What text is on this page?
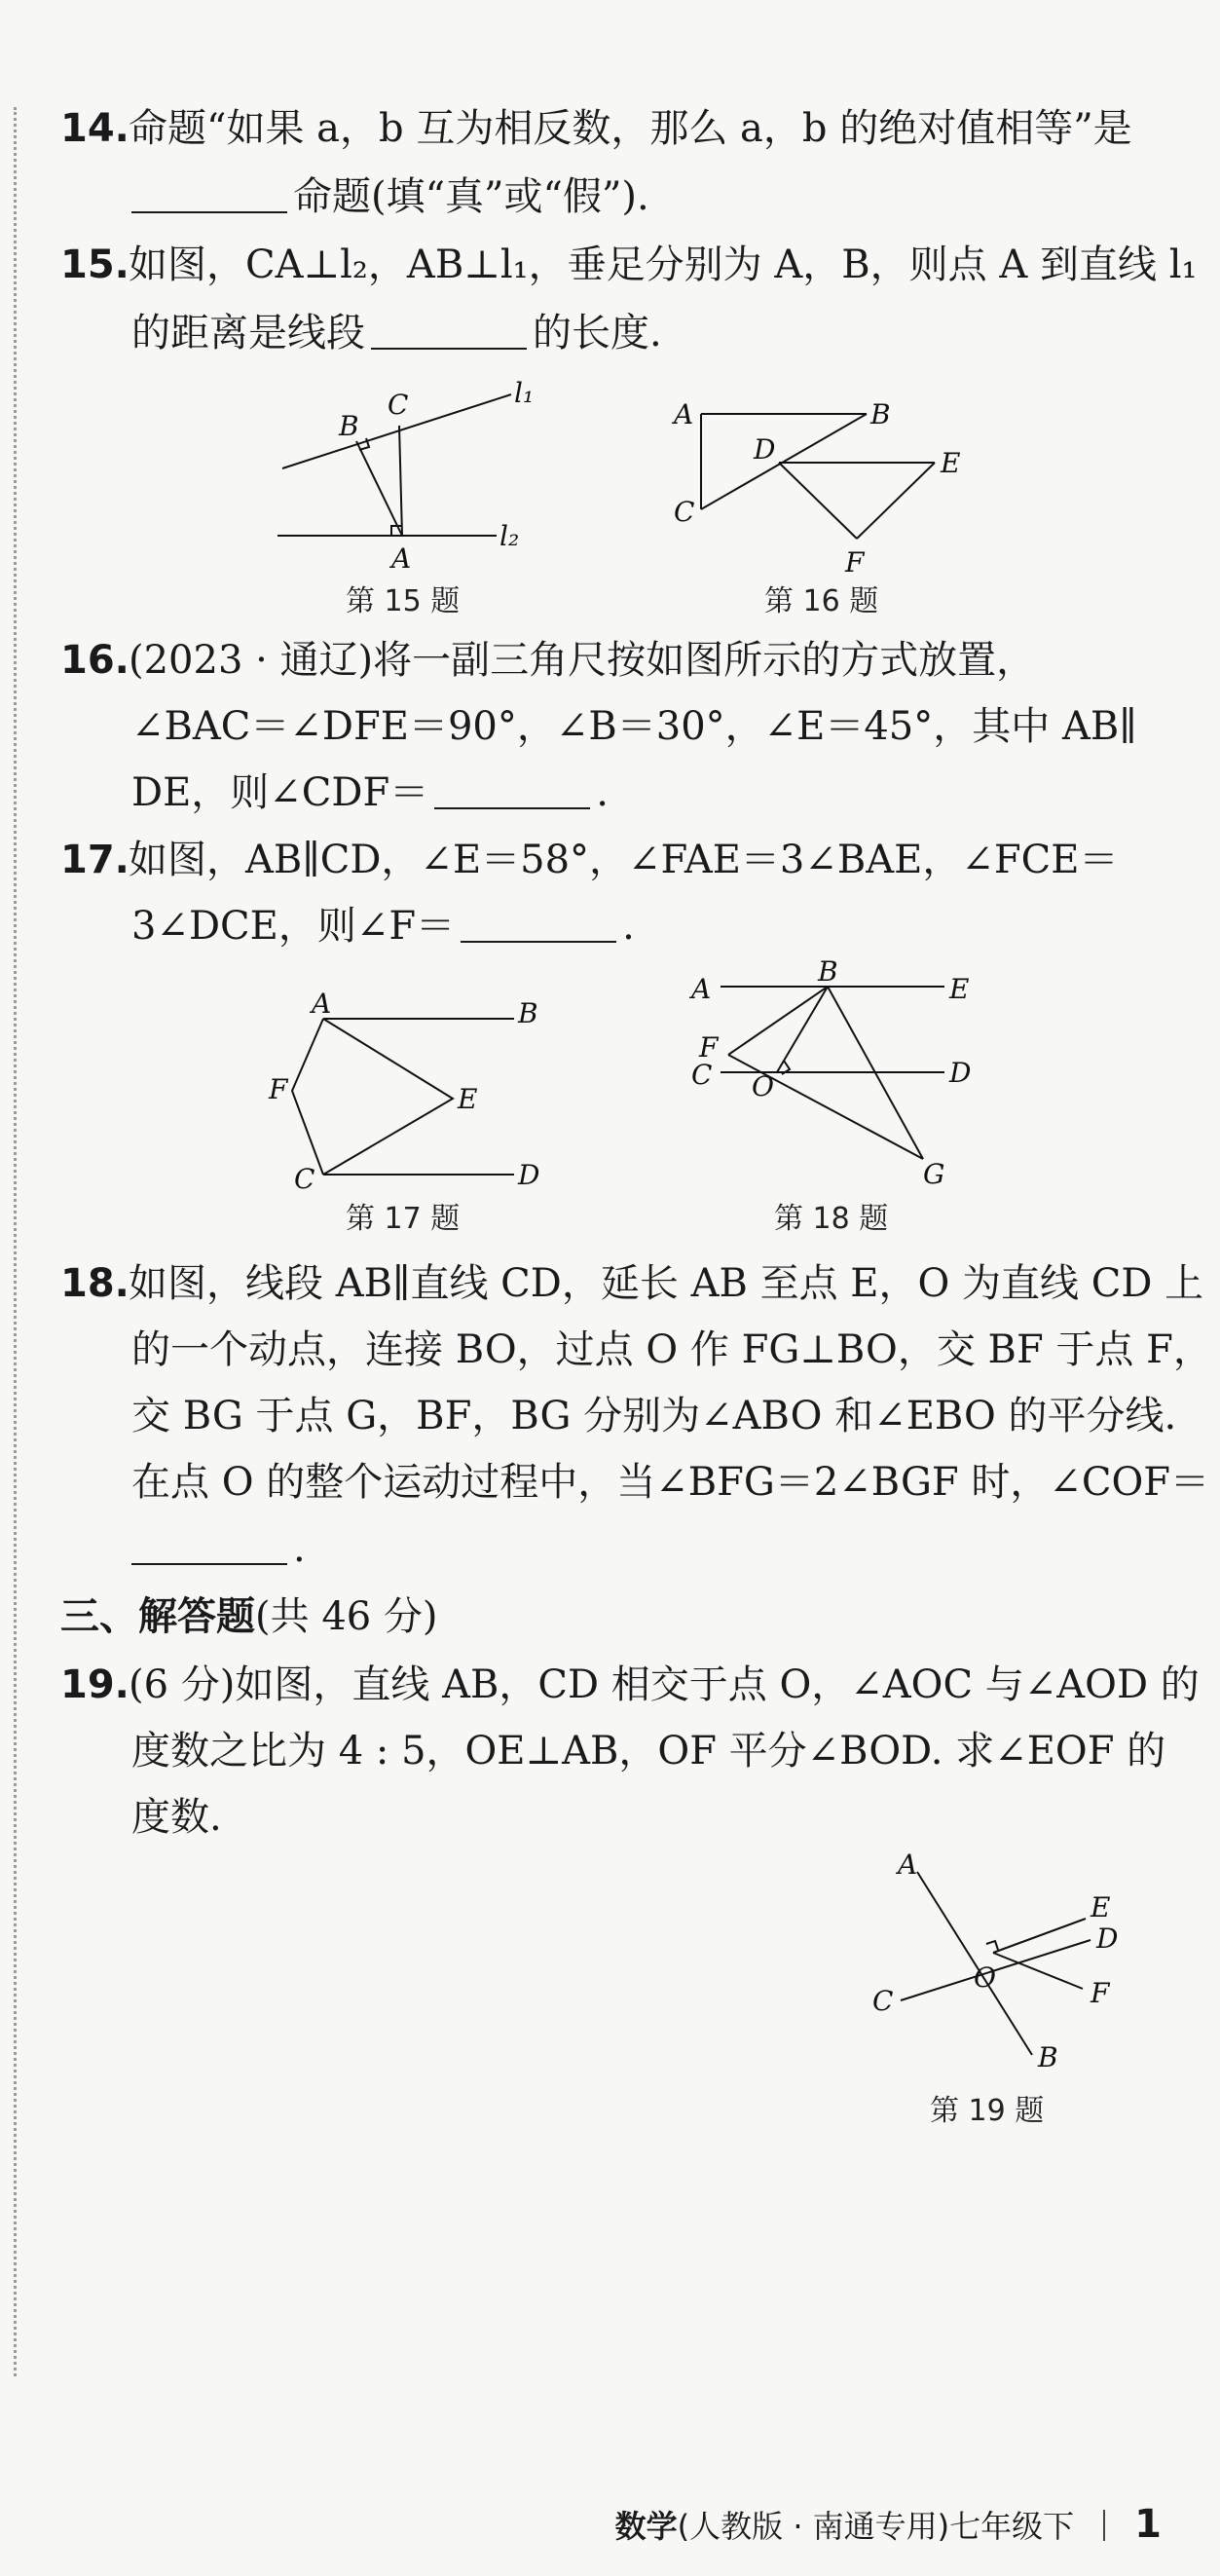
14.命题“如果 a，b 互为相反数，那么 a，b 的绝对值相等”是
命题(填“真”或“假”).
15.如图，CA⊥l₂，AB⊥l₁，垂足分别为 A，B，则点 A 到直线 l₁
的距离是线段	的长度.
B
C	l₁
l₂
A
第 15 题
A	B
C
D	E
F
第 16 题
16.(2023 · 通辽)将一副三角尺按如图所示的方式放置，
∠BAC＝∠DFE＝90°，∠B＝30°，∠E＝45°，其中 AB∥
DE，则∠CDF＝	.
17.如图，AB∥CD，∠E＝58°，∠FAE＝3∠BAE，∠FCE＝
3∠DCE，则∠F＝	.
A	B
F	E
C	D
第 17 题
A
B
E
F
C O	D
G
第 18 题
18.如图，线段 AB∥直线 CD，延长 AB 至点 E，O 为直线 CD 上
的一个动点，连接 BO，过点 O 作 FG⊥BO，交 BF 于点 F，
交 BG 于点 G，BF，BG 分别为∠ABO 和∠EBO 的平分线.
在点 O 的整个运动过程中，当∠BFG＝2∠BGF 时，∠COF＝
.
三、解答题(共 46 分)
19.(6 分)如图，直线 AB，CD 相交于点 O，∠AOC 与∠AOD 的
度数之比为 4 : 5，OE⊥AB，OF 平分∠BOD. 求∠EOF 的
度数.
A
E
D
C
O	F
B
第 19 题
数学(人教版 · 南通专用)七年级下 1
